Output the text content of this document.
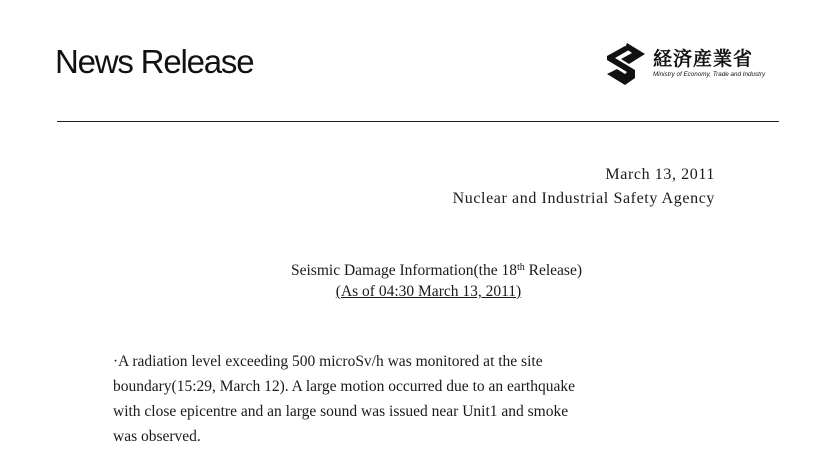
News Release	経済産業省
Ministry of Economy, Trade and Industry
March 13, 2011
Nuclear and Industrial Safety Agency
Seismic Damage Information(the 18th Release)
(As of 04:30 March 13, 2011)

·A radiation level exceeding 500 microSv/h was monitored at the site

boundary(15:29, March 12). A large motion occurred due to an earthquake

with close epicentre and an large sound was issued near Unit1 and smoke

was observed.
